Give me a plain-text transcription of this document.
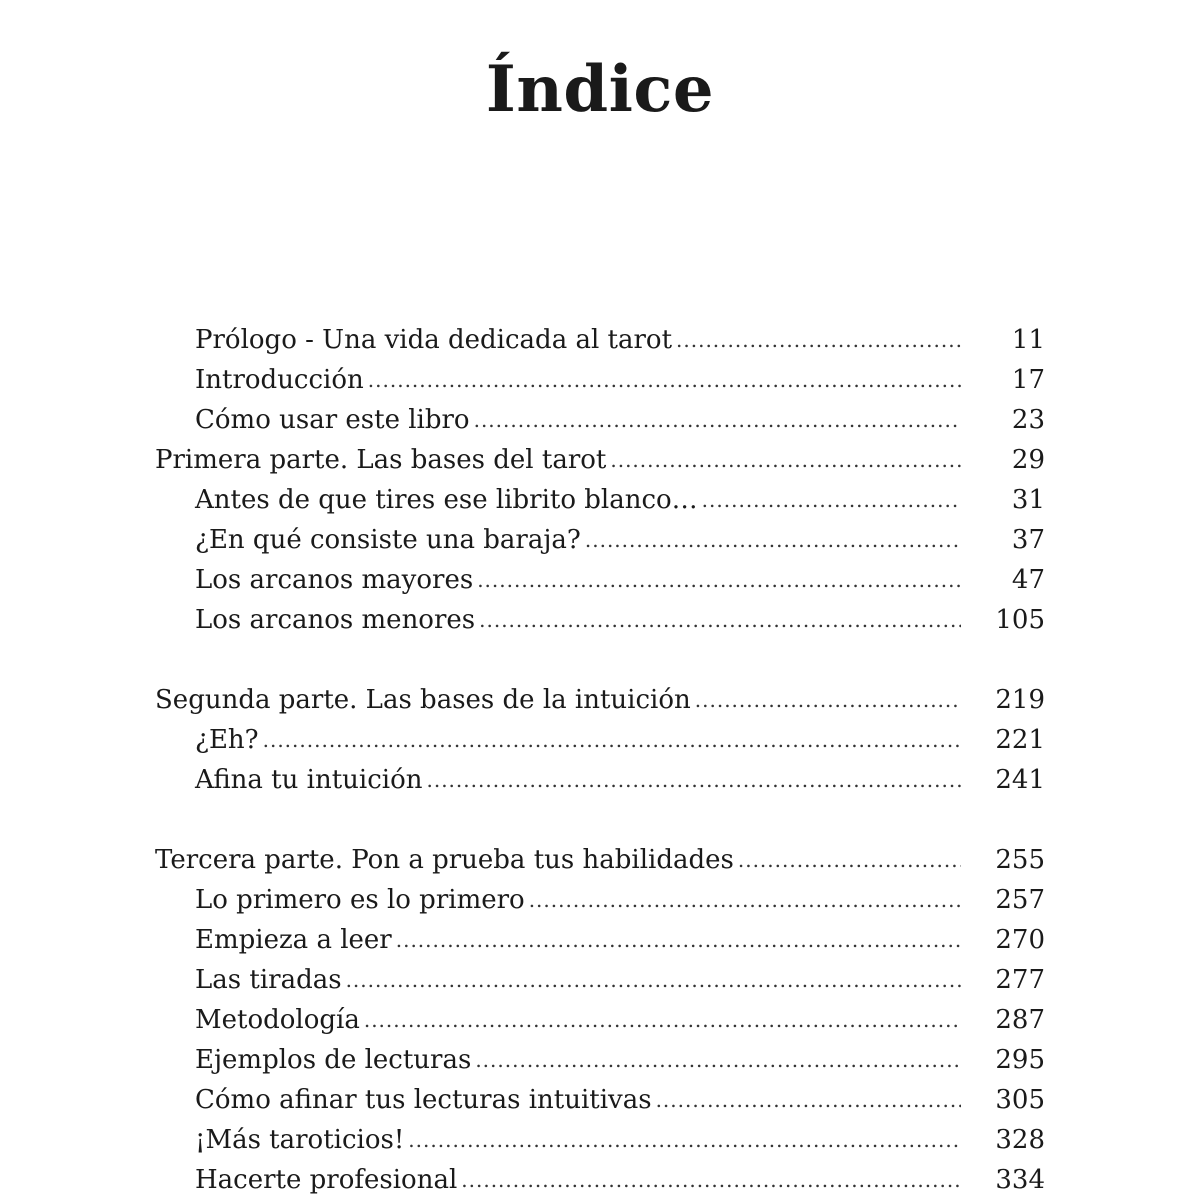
Índice
Prólogo - Una vida dedicada al tarot .....	11
Introducción .....	17
Cómo usar este libro .....	23
Primera parte. Las bases del tarot .....	29
Antes de que tires ese librito blanco… .....	31
¿En qué consiste una baraja? .....	37
Los arcanos mayores .....	47
Los arcanos menores .....	105
Segunda parte. Las bases de la intuición .....	219
¿Eh? .....	221
Afina tu intuición .....	241
Tercera parte. Pon a prueba tus habilidades .....	255
Lo primero es lo primero .....	257
Empieza a leer .....	270
Las tiradas .....	277
Metodología .....	287
Ejemplos de lecturas .....	295
Cómo afinar tus lecturas intuitivas .....	305
¡Más taroticios! .....	328
Hacerte profesional .....	334
